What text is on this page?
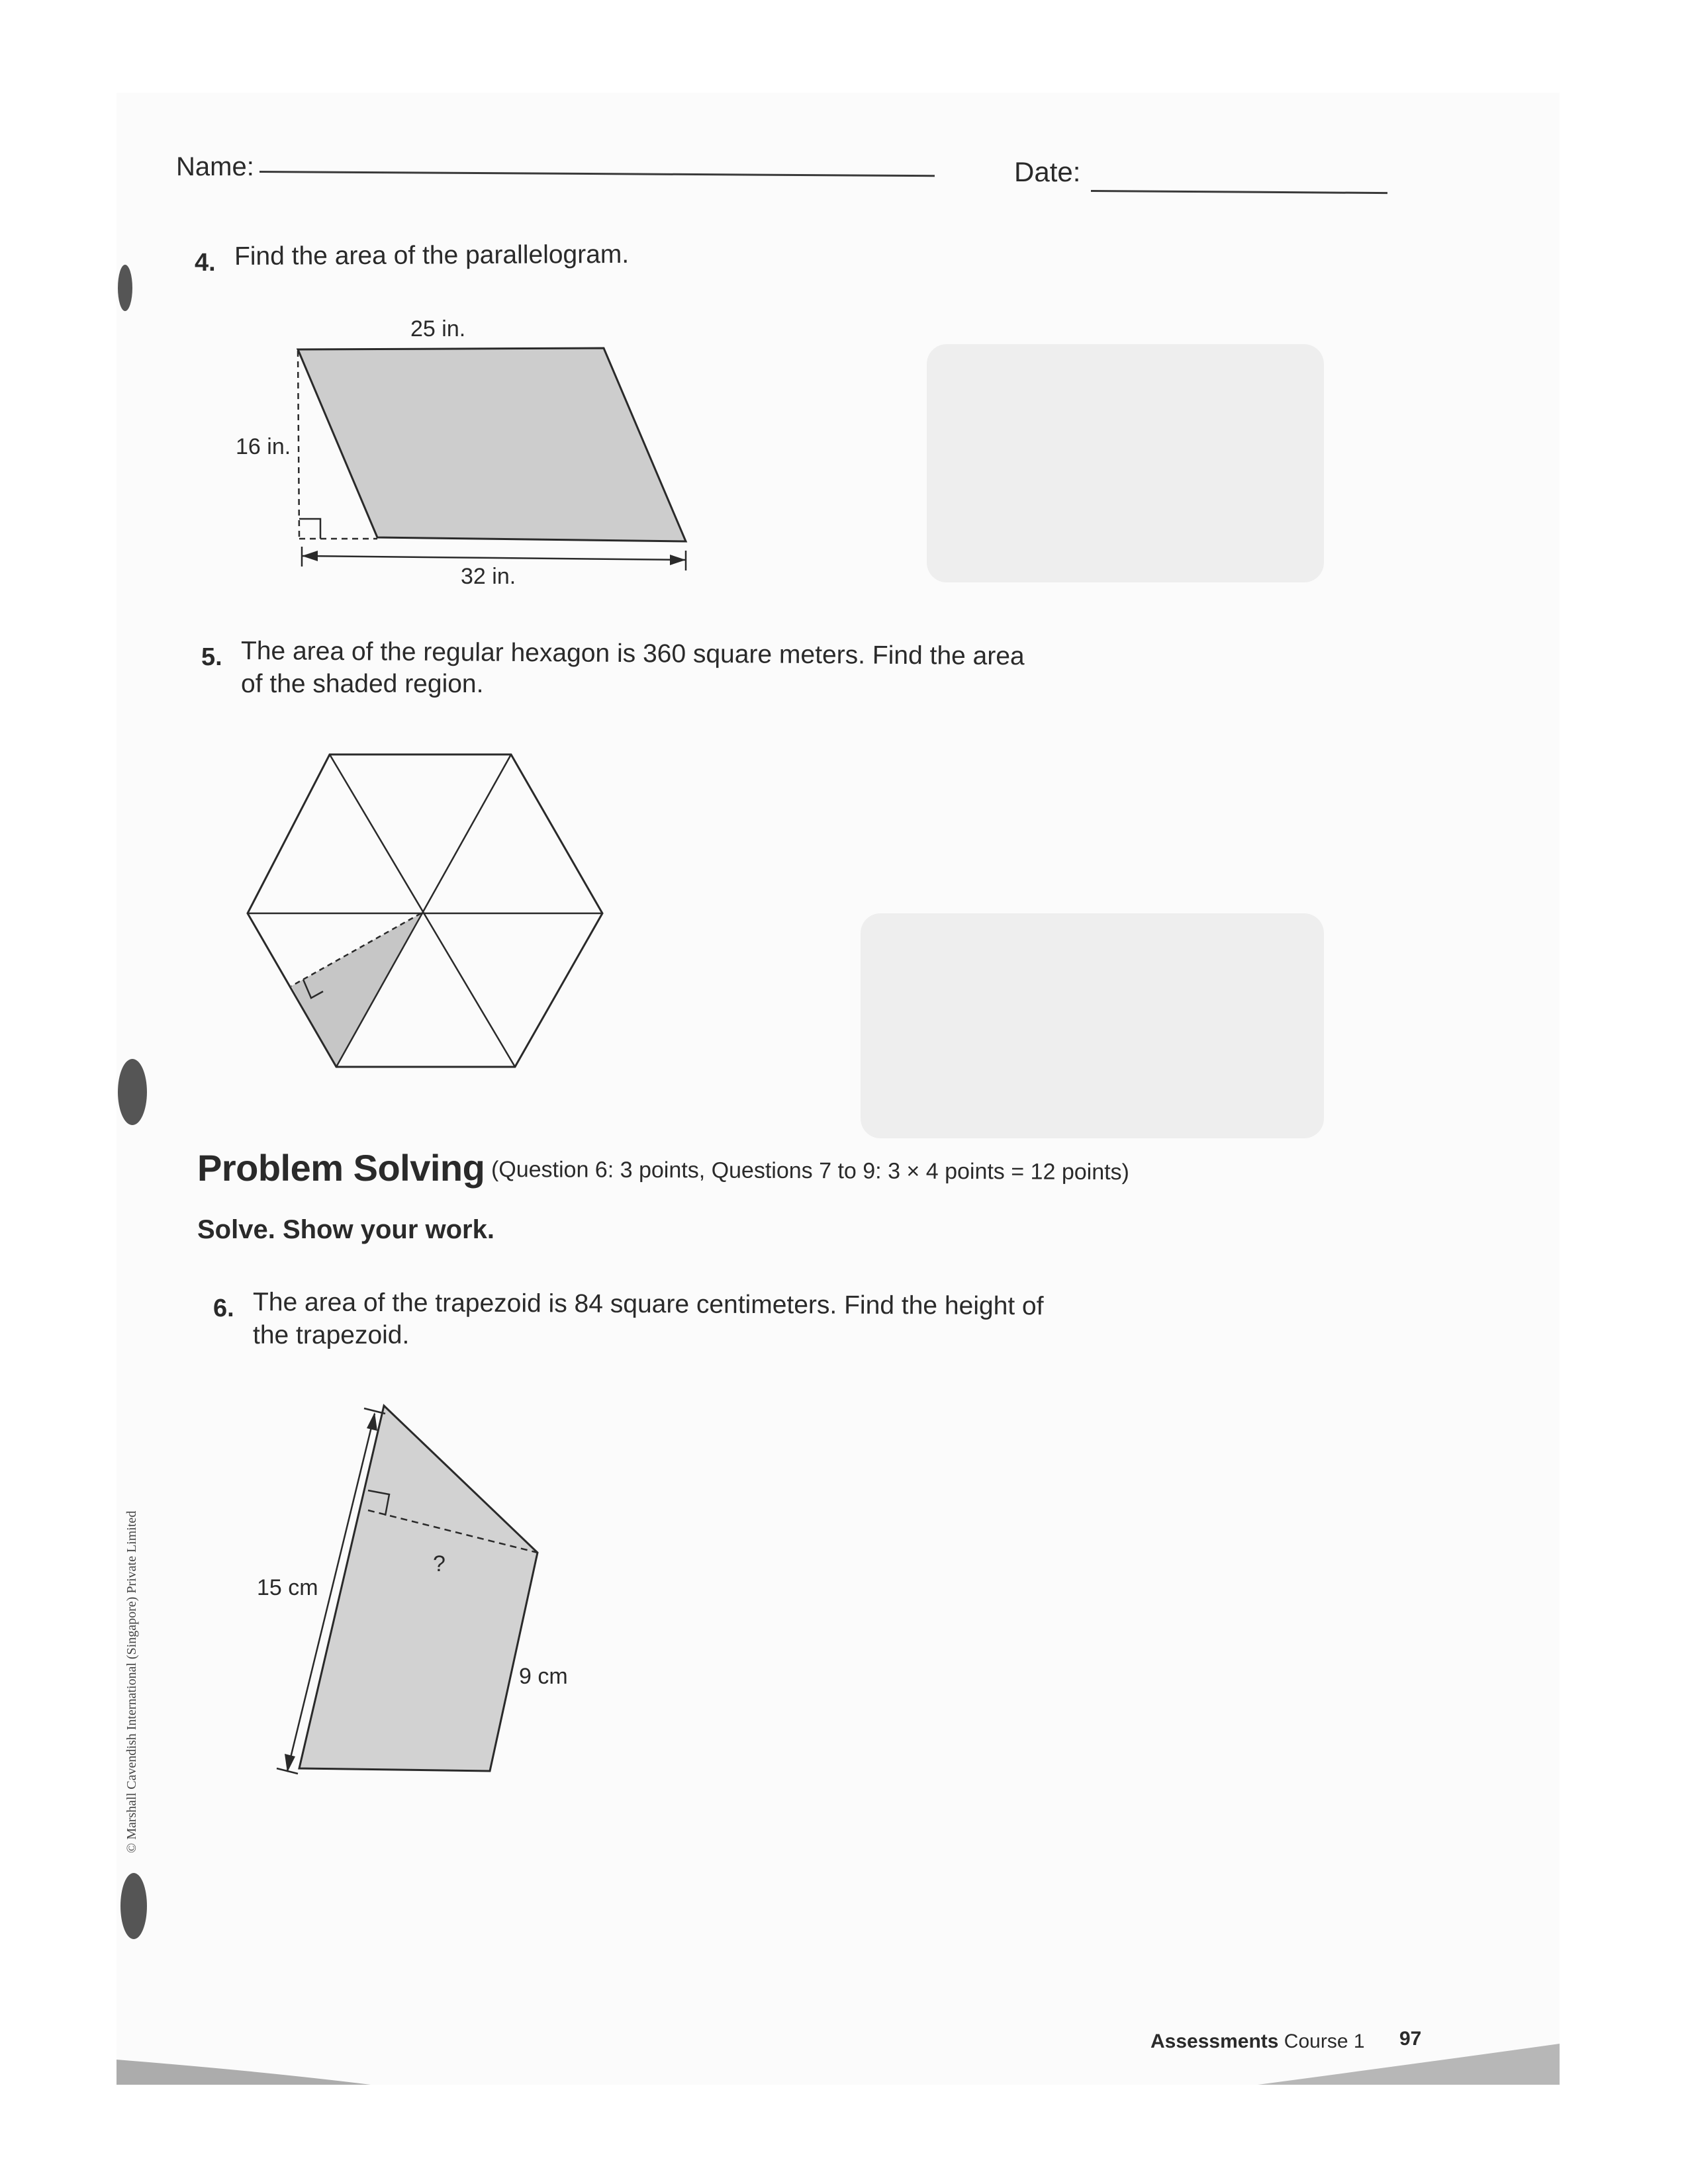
Name:	Date:
4. Find the area of the parallelogram.
5. The area of the regular hexagon is 360 square meters. Find the area
of the shaded region.
Problem Solving (Question 6: 3 points, Questions 7 to 9: 3 × 4 points = 12 points)
Solve. Show your work.
6. The area of the trapezoid is 84 square centimeters. Find the height of
the trapezoid.
25 in.
16 in.
32 in.
15 cm
?
9 cm
© Marshall Cavendish International (Singapore) Private Limited
Assessments Course 1 97
